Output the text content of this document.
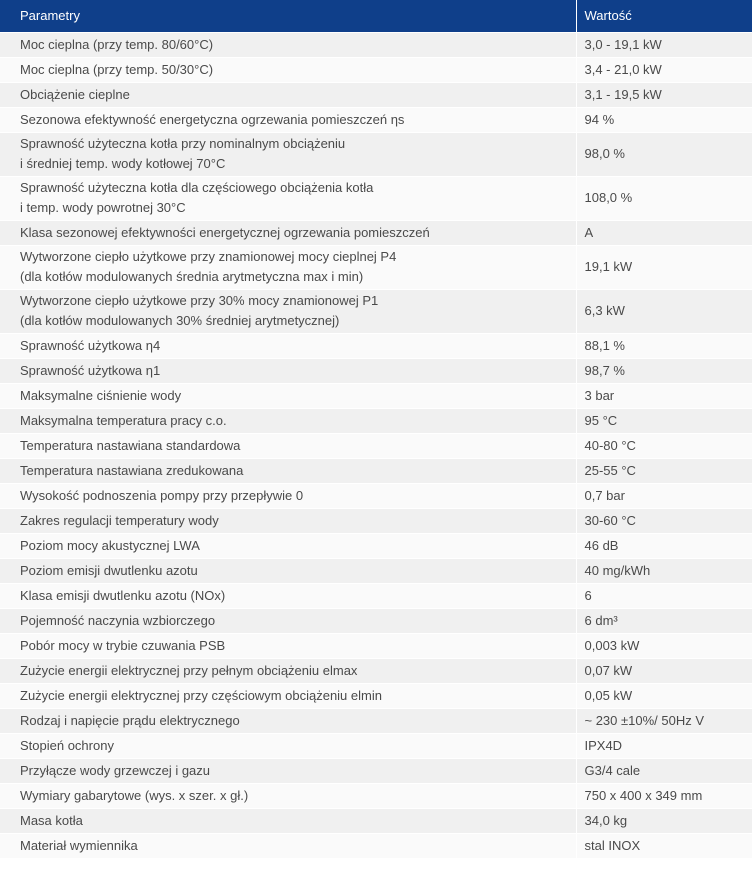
Parametry	Wartość

Moc cieplna (przy temp. 80/60°C)	3,0 - 19,1 kW

Moc cieplna (przy temp. 50/30°C)	3,4 - 21,0 kW

Obciążenie cieplne	3,1 - 19,5 kW

Sezonowa efektywność energetyczna ogrzewania pomieszczeń ηs	94 %

Sprawność użyteczna kotła przy nominalnym obciążeniu
i średniej temp. wody kotłowej 70°C	98,0 %

Sprawność użyteczna kotła dla częściowego obciążenia kotła
i temp. wody powrotnej 30°C	108,0 %

Klasa sezonowej efektywności energetycznej ogrzewania pomieszczeń	A

Wytworzone ciepło użytkowe przy znamionowej mocy cieplnej P4
(dla kotłów modulowanych średnia arytmetyczna max i min)	19,1 kW

Wytworzone ciepło użytkowe przy 30% mocy znamionowej P1
(dla kotłów modulowanych 30% średniej arytmetycznej)	6,3 kW

Sprawność użytkowa η4	88,1 %

Sprawność użytkowa η1	98,7 %

Maksymalne ciśnienie wody	3 bar

Maksymalna temperatura pracy c.o.	95 °C

Temperatura nastawiana standardowa	40-80 °C

Temperatura nastawiana zredukowana	25-55 °C

Wysokość podnoszenia pompy przy przepływie 0	0,7 bar

Zakres regulacji temperatury wody	30-60 °C

Poziom mocy akustycznej LWA	46 dB

Poziom emisji dwutlenku azotu	40 mg/kWh

Klasa emisji dwutlenku azotu (NOx)	6

Pojemność naczynia wzbiorczego	6 dm³

Pobór mocy w trybie czuwania PSB	0,003 kW

Zużycie energii elektrycznej przy pełnym obciążeniu elmax	0,07 kW

Zużycie energii elektrycznej przy częściowym obciążeniu elmin	0,05 kW

Rodzaj i napięcie prądu elektrycznego	~ 230 ±10%/ 50Hz V

Stopień ochrony	IPX4D

Przyłącze wody grzewczej i gazu	G3/4 cale

Wymiary gabarytowe (wys. x szer. x gł.)	750 x 400 x 349 mm

Masa kotła	34,0 kg

Materiał wymiennika	stal INOX
